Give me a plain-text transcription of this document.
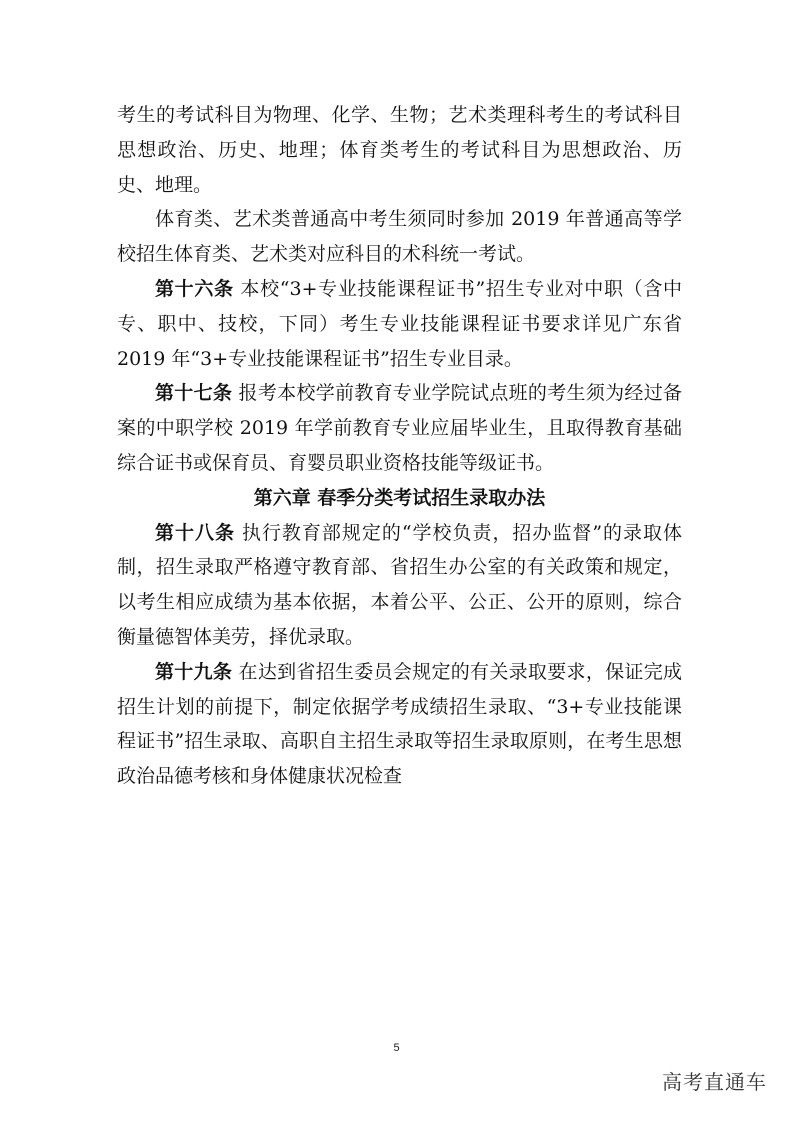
考生的考试科目为物理、化学、生物；艺术类理科考生的考试科目思想政治、历史、地理；体育类考生的考试科目为思想政治、历史、地理。

体育类、艺术类普通高中考生须同时参加 2019 年普通高等学校招生体育类、艺术类对应科目的术科统一考试。

第十六条 本校“3+专业技能课程证书”招生专业对中职（含中专、职中、技校，下同）考生专业技能课程证书要求详见广东省 2019 年“3+专业技能课程证书”招生专业目录。

第十七条 报考本校学前教育专业学院试点班的考生须为经过备案的中职学校 2019 年学前教育专业应届毕业生，且取得教育基础综合证书或保育员、育婴员职业资格技能等级证书。

第六章 春季分类考试招生录取办法

第十八条 执行教育部规定的“学校负责，招办监督”的录取体制，招生录取严格遵守教育部、省招生办公室的有关政策和规定，以考生相应成绩为基本依据，本着公平、公正、公开的原则，综合衡量德智体美劳，择优录取。

第十九条 在达到省招生委员会规定的有关录取要求，保证完成招生计划的前提下，制定依据学考成绩招生录取、“3+专业技能课程证书”招生录取、高职自主招生录取等招生录取原则，在考生思想政治品德考核和身体健康状况检查

5
高考直通车
